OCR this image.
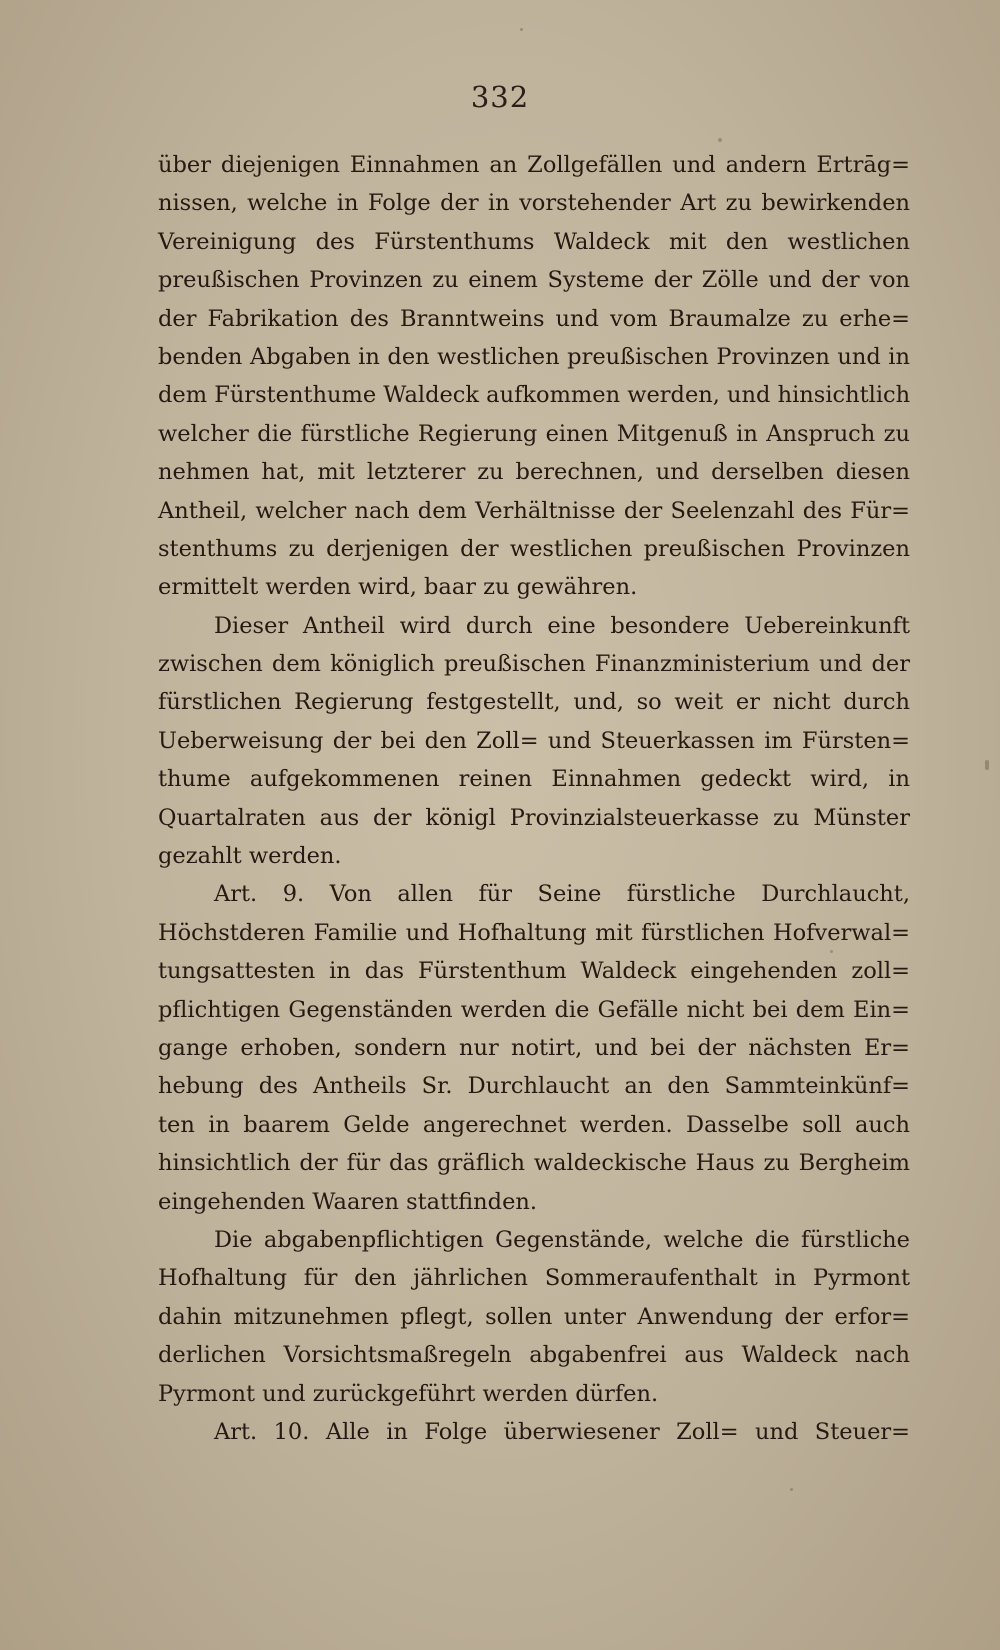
332
über diejenigen Einnahmen an Zollgefällen und andern Ertrāg=
nissen, welche in Folge der in vorstehender Art zu bewirkenden
Vereinigung des Fürstenthums Waldeck mit den westlichen
preußischen Provinzen zu einem Systeme der Zölle und der von
der Fabrikation des Branntweins und vom Braumalze zu erhe=
benden Abgaben in den westlichen preußischen Provinzen und in
dem Fürstenthume Waldeck aufkommen werden, und hinsichtlich
welcher die fürstliche Regierung einen Mitgenuß in Anspruch zu
nehmen hat, mit letzterer zu berechnen, und derselben diesen
Antheil, welcher nach dem Verhältnisse der Seelenzahl des Für=
stenthums zu derjenigen der westlichen preußischen Provinzen
ermittelt werden wird, baar zu gewähren.
Dieser Antheil wird durch eine besondere Uebereinkunft
zwischen dem königlich preußischen Finanzministerium und der
fürstlichen Regierung festgestellt, und, so weit er nicht durch
Ueberweisung der bei den Zoll= und Steuerkassen im Fürsten=
thume aufgekommenen reinen Einnahmen gedeckt wird, in
Quartalraten aus der königl Provinzialsteuerkasse zu Münster
gezahlt werden.
Art. 9. Von allen für Seine fürstliche Durchlaucht,
Höchstderen Familie und Hofhaltung mit fürstlichen Hofverwal=
tungsattesten in das Fürstenthum Waldeck eingehenden zoll=
pflichtigen Gegenständen werden die Gefälle nicht bei dem Ein=
gange erhoben, sondern nur notirt, und bei der nächsten Er=
hebung des Antheils Sr. Durchlaucht an den Sammteinkünf=
ten in baarem Gelde angerechnet werden. Dasselbe soll auch
hinsichtlich der für das gräflich waldeckische Haus zu Bergheim
eingehenden Waaren stattfinden.
Die abgabenpflichtigen Gegenstände, welche die fürstliche
Hofhaltung für den jährlichen Sommeraufenthalt in Pyrmont
dahin mitzunehmen pflegt, sollen unter Anwendung der erfor=
derlichen Vorsichtsmaßregeln abgabenfrei aus Waldeck nach
Pyrmont und zurückgeführt werden dürfen.
Art. 10. Alle in Folge überwiesener Zoll= und Steuer=
